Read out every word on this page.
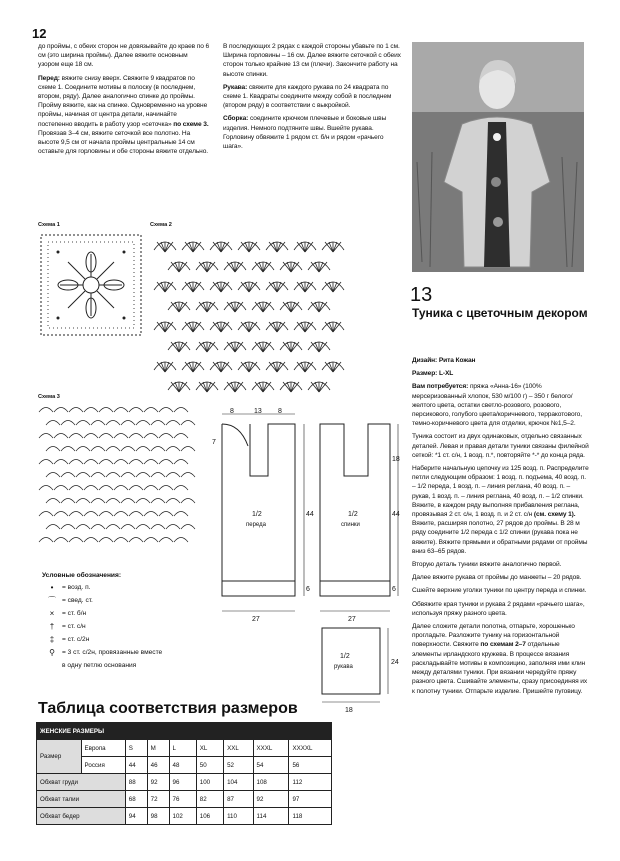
12

до проймы, с обеих сторон не довязывайте до краев по 6 см (это ширина проймы). Далее вяжите основным узором еще 18 см.

Перед: вяжите снизу вверх. Свяжите 9 квадратов по схеме 1. Соедините мотивы в полоску (в последнем, втором, ряду). Далее аналогично спинке до проймы. Пройму вяжите, как на спинке. Одновременно на уровне проймы, начиная от центра детали, начинайте постепенно вводить в работу узор «сеточка» по схеме 3. Провязав 3–4 см, вяжите сеточкой все полотно. На высоте 9,5 см от начала проймы центральные 14 см оставьте для горловины и обе стороны вяжите отдельно.

В последующих 2 рядах с каждой стороны убавьте по 1 см. Ширина горловины – 16 см. Далее вяжите сеточкой с обеих сторон только крайние 13 см (плечи). Закончите работу на высоте спинки.

Рукава: свяжите для каждого рукава по 24 квадрата по схеме 1. Квадраты соедините между собой в последнем (втором ряду) в соответствии с выкройкой.

Сборка: соедините крючком плечевые и боковые швы изделия. Немного подтяните швы. Вшейте рукава. Горловину обвяжите 1 рядом ст. б/н и рядом «рачьего шага».

13
Туника с цветочным декором

Дизайн: Рита Кожан

Размер: L-XL

Вам потребуется: пряжа «Анна-16» (100% мерсеризованный хлопок, 530 м/100 г) – 350 г белого/желтого цвета, остатки светло-розового, розового, персикового, голубого цвета/коричневого, терракотового, темно-коричневого цвета для отделки, крючок №1,5–2.

Туника состоит из двух одинаковых, отдельно связанных деталей. Левая и правая детали туники связаны филейной сеткой: *1 ст. с/н, 1 возд. п.*, повторяйте *-* до конца ряда.

Наберите начальную цепочку из 125 возд. п. Распределите петли следующим образом: 1 возд. п. подъема, 40 возд. п. – 1/2 переда, 1 возд. п. – линия реглана, 40 возд. п. – рукав, 1 возд. п. – линия реглана, 40 возд. п. – 1/2 спинки. Вяжите, в каждом ряду выполняя прибавления реглана, провязывая 2 ст. с/н, 1 возд. п. и 2 ст. с/н (см. схему 1). Вяжите, расширяя полотно, 27 рядов до проймы. В 28 м ряду соедините 1/2 переда с 1/2 спинки (рукава пока не вяжите). Вяжите прямыми и обратными рядами от проймы вниз 63–65 рядов.

Вторую деталь туники вяжите аналогично первой.

Далее вяжите рукава от проймы до манжеты – 20 рядов.

Сшейте верхние уголки туники по центру переда и спинки.

Обвяжите края туники и рукава 2 рядами «рачьего шага», используя пряжу разного цвета.

Далее сложите детали полотна, отпарьте, хорошенько прогладьте. Разложите тунику на горизонтальной поверхности. Свяжите по схемам 2–7 отдельные элементы ирландского кружева. В процессе вязания раскладывайте мотивы в композицию, заполняя ими клин между деталями туники. При вязании чередуйте пряжу разного цвета. Сшивайте элементы, сразу присоединяя их к полотну туники. Отпарьте изделие. Пришейте пуговицу.

Схема 1	Схема 2
Схема 3
Условные обозначения:
•	= возд. п.
⌒ = свед. ст.
×	= ст. б/н
†	= ст. с/н
‡	= ст. с/2н
⚲	= 3 ст. с/2н, провязанные вместе
в одну петлю основания
8	13 8
7
1/2
переда
44
6
27
18
1/2
спинки
44
6
27
1/2
рукава
24
18
Таблица соответствия размеров
ЖЕНСКИЕ РАЗМЕРЫ								
Размер	Европа	S	M	L	XL	XXL	XXXL	XXXXL
	Россия	44	46	48	50	52	54	56
Обхват груди		88	92	96	100	104	108	112
Обхват талии		68	72	76	82	87	92	97
Обхват бедер		94	98	102	106	110	114	118
